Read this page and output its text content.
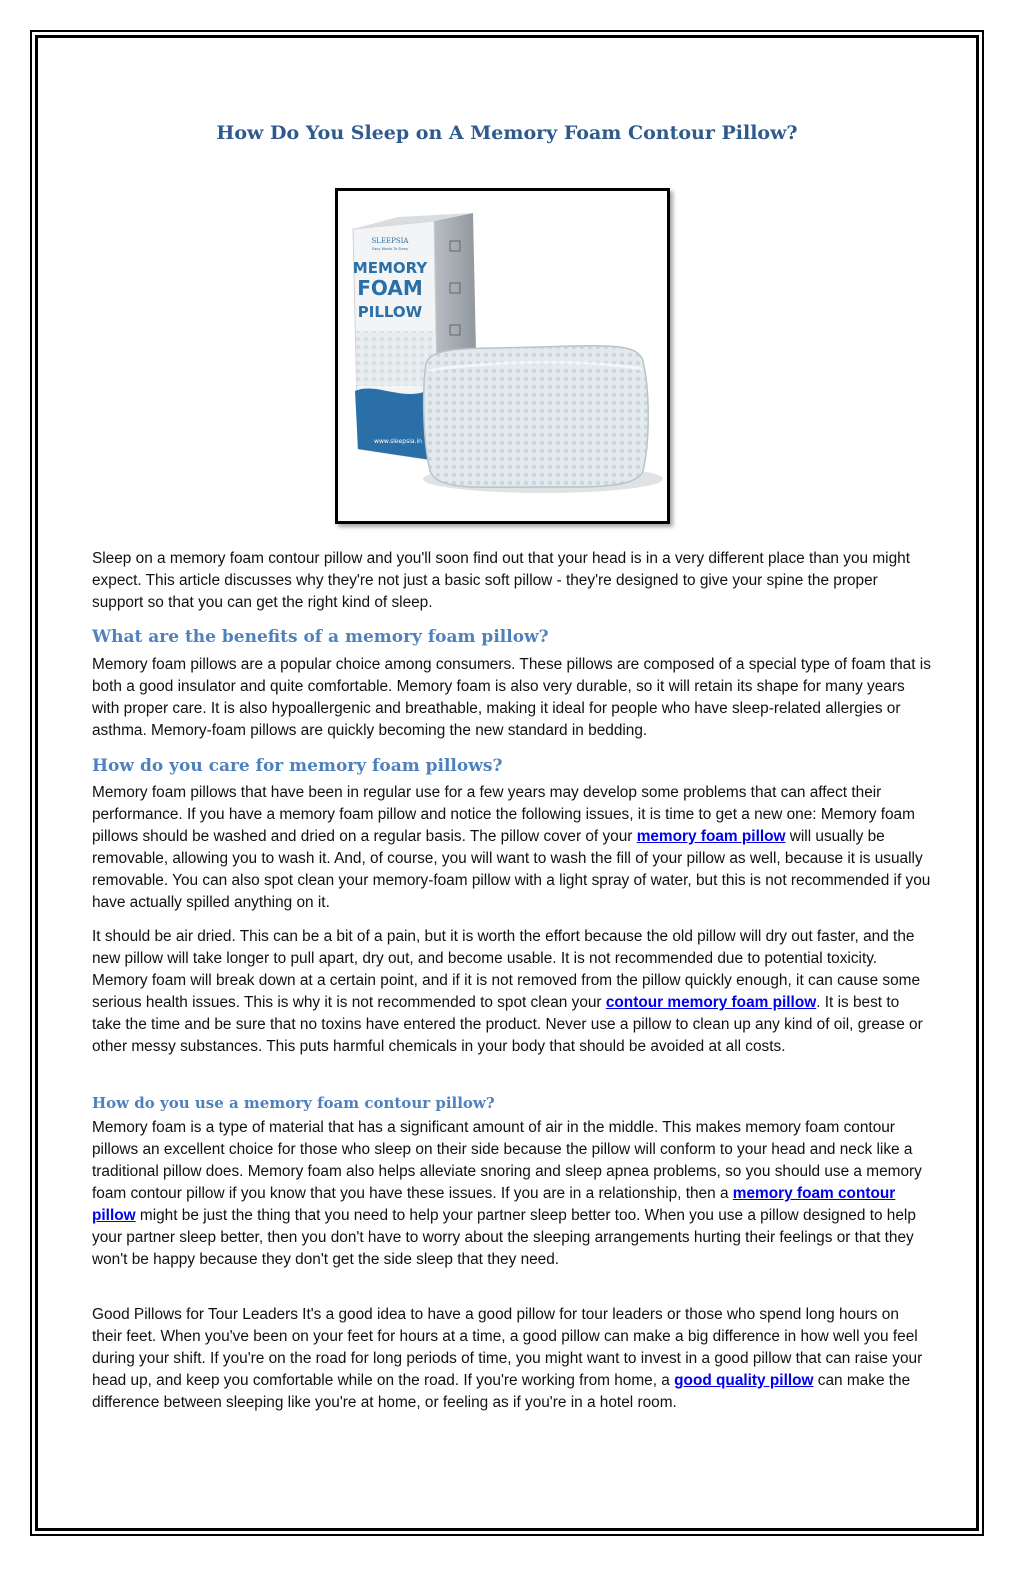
How Do You Sleep on A Memory Foam Contour Pillow?
SLEEPSIA
Easy Words To Sleep
MEMORY
FOAM
PILLOW
www.sleepsia.in

Sleep on a memory foam contour pillow and you'll soon find out that your head is in a very different place than you might expect. This article discusses why they're not just a basic soft pillow - they're designed to give your spine the proper support so that you can get the right kind of sleep.

What are the benefits of a memory foam pillow?

Memory foam pillows are a popular choice among consumers. These pillows are composed of a special type of foam that is both a good insulator and quite comfortable. Memory foam is also very durable, so it will retain its shape for many years with proper care. It is also hypoallergenic and breathable, making it ideal for people who have sleep-related allergies or asthma. Memory-foam pillows are quickly becoming the new standard in bedding.

How do you care for memory foam pillows?

Memory foam pillows that have been in regular use for a few years may develop some problems that can affect their performance. If you have a memory foam pillow and notice the following issues, it is time to get a new one: Memory foam pillows should be washed and dried on a regular basis. The pillow cover of your memory foam pillow will usually be removable, allowing you to wash it. And, of course, you will want to wash the fill of your pillow as well, because it is usually removable. You can also spot clean your memory-foam pillow with a light spray of water, but this is not recommended if you have actually spilled anything on it.

It should be air dried. This can be a bit of a pain, but it is worth the effort because the old pillow will dry out faster, and the new pillow will take longer to pull apart, dry out, and become usable. It is not recommended due to potential toxicity. Memory foam will break down at a certain point, and if it is not removed from the pillow quickly enough, it can cause some serious health issues. This is why it is not recommended to spot clean your contour memory foam pillow. It is best to take the time and be sure that no toxins have entered the product. Never use a pillow to clean up any kind of oil, grease or other messy substances. This puts harmful chemicals in your body that should be avoided at all costs.

How do you use a memory foam contour pillow?

Memory foam is a type of material that has a significant amount of air in the middle. This makes memory foam contour pillows an excellent choice for those who sleep on their side because the pillow will conform to your head and neck like a traditional pillow does. Memory foam also helps alleviate snoring and sleep apnea problems, so you should use a memory foam contour pillow if you know that you have these issues. If you are in a relationship, then a memory foam contour pillow might be just the thing that you need to help your partner sleep better too. When you use a pillow designed to help your partner sleep better, then you don't have to worry about the sleeping arrangements hurting their feelings or that they won't be happy because they don't get the side sleep that they need.

Good Pillows for Tour Leaders It's a good idea to have a good pillow for tour leaders or those who spend long hours on their feet. When you've been on your feet for hours at a time, a good pillow can make a big difference in how well you feel during your shift. If you're on the road for long periods of time, you might want to invest in a good pillow that can raise your head up, and keep you comfortable while on the road. If you're working from home, a good quality pillow can make the difference between sleeping like you're at home, or feeling as if you're in a hotel room.
